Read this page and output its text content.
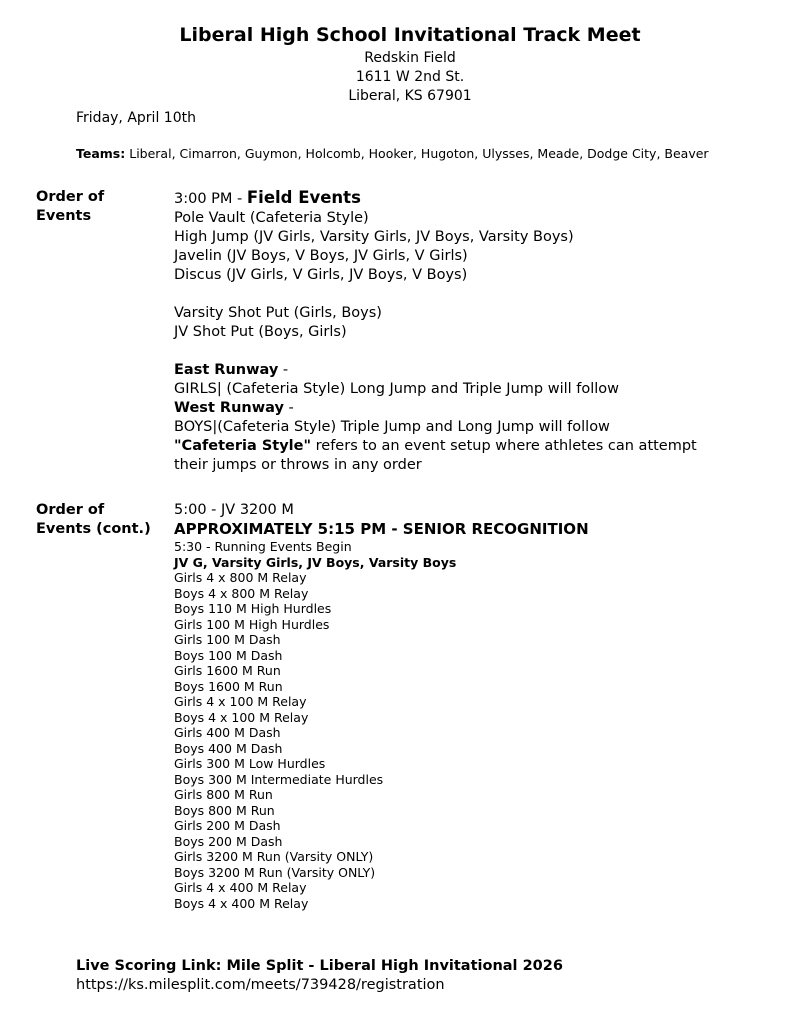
Liberal High School Invitational Track Meet
Redskin Field
1611 W 2nd St.
Liberal, KS 67901
Friday, April 10th
Teams: Liberal, Cimarron, Guymon, Holcomb, Hooker, Hugoton, Ulysses, Meade, Dodge City, Beaver
Order of
Events
3:00 PM - Field Events
Pole Vault (Cafeteria Style)
High Jump (JV Girls, Varsity Girls, JV Boys, Varsity Boys)
Javelin (JV Boys, V Boys, JV Girls, V Girls)
Discus (JV Girls, V Girls, JV Boys, V Boys)
Varsity Shot Put (Girls, Boys)
JV Shot Put (Boys, Girls)
East Runway -
GIRLS| (Cafeteria Style) Long Jump and Triple Jump will follow
West Runway -
BOYS|(Cafeteria Style) Triple Jump and Long Jump will follow
"Cafeteria Style" refers to an event setup where athletes can attempt
their jumps or throws in any order
Order of
Events (cont.)
5:00 - JV 3200 M
APPROXIMATELY 5:15 PM - SENIOR RECOGNITION
5:30 - Running Events Begin
JV G, Varsity Girls, JV Boys, Varsity Boys
Girls 4 x 800 M Relay
Boys 4 x 800 M Relay
Boys 110 M High Hurdles
Girls 100 M High Hurdles
Girls 100 M Dash
Boys 100 M Dash
Girls 1600 M Run
Boys 1600 M Run
Girls 4 x 100 M Relay
Boys 4 x 100 M Relay
Girls 400 M Dash
Boys 400 M Dash
Girls 300 M Low Hurdles
Boys 300 M Intermediate Hurdles
Girls 800 M Run
Boys 800 M Run
Girls 200 M Dash
Boys 200 M Dash
Girls 3200 M Run (Varsity ONLY)
Boys 3200 M Run (Varsity ONLY)
Girls 4 x 400 M Relay
Boys 4 x 400 M Relay
Live Scoring Link: Mile Split - Liberal High Invitational 2026
https://ks.milesplit.com/meets/739428/registration
